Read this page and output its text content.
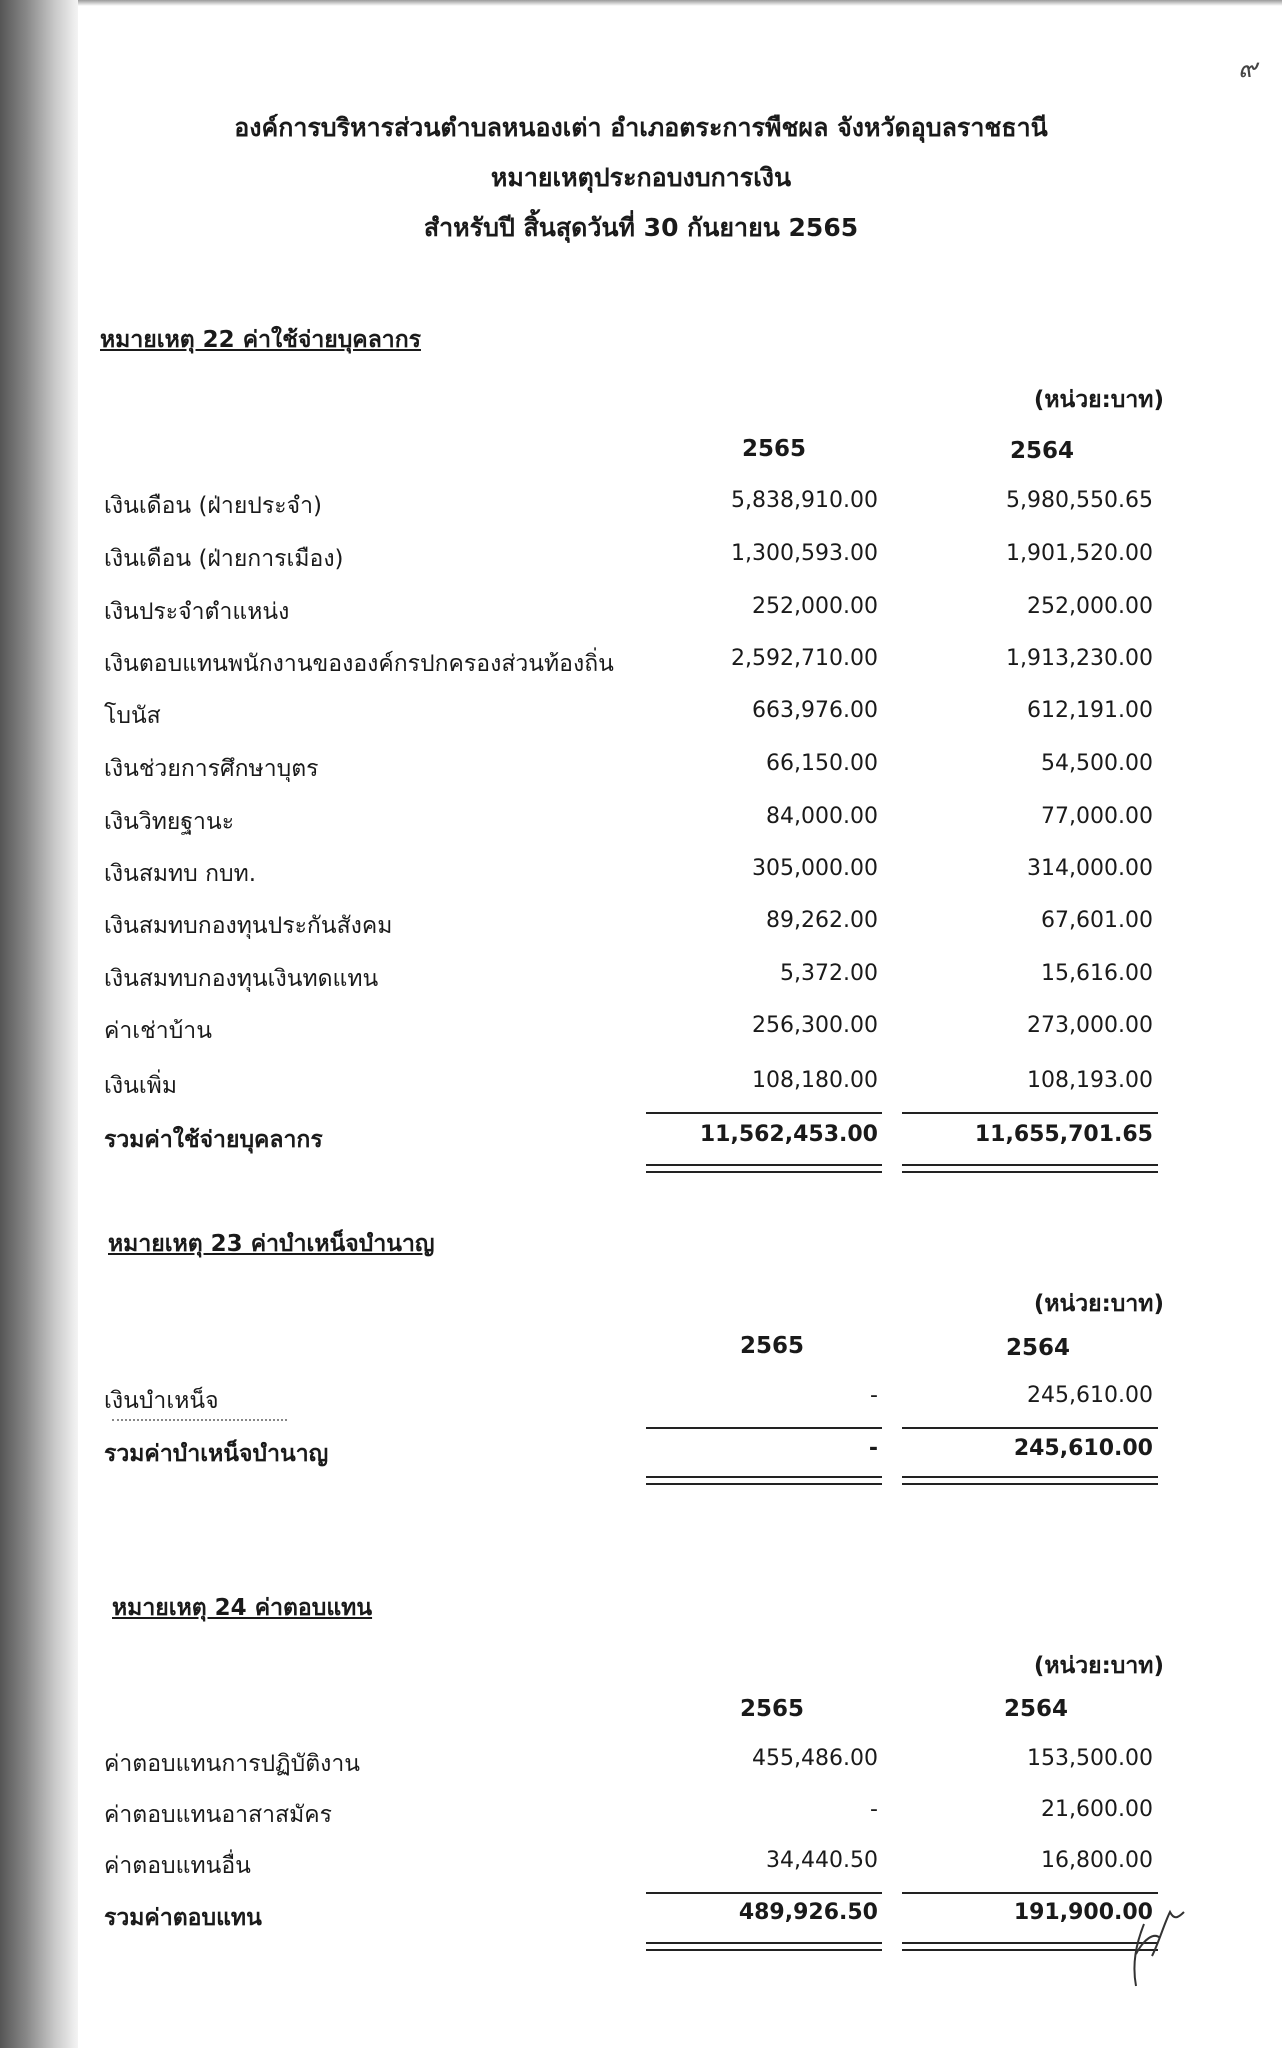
๙
องค์การบริหารส่วนตำบลหนองเต่า อำเภอตระการพืชผล จังหวัดอุบลราชธานี
หมายเหตุประกอบงบการเงิน
สำหรับปี สิ้นสุดวันที่ 30 กันยายน 2565
หมายเหตุ 22 ค่าใช้จ่ายบุคลากร
(หน่วย:บาท)
2565	2564
เงินเดือน (ฝ่ายประจำ)	5,838,910.00	5,980,550.65
เงินเดือน (ฝ่ายการเมือง)	1,300,593.00	1,901,520.00
เงินประจำตำแหน่ง	252,000.00	252,000.00
เงินตอบแทนพนักงานขององค์กรปกครองส่วนท้องถิ่น	2,592,710.00	1,913,230.00
โบนัส	663,976.00	612,191.00
เงินช่วยการศึกษาบุตร	66,150.00	54,500.00
เงินวิทยฐานะ	84,000.00	77,000.00
เงินสมทบ กบท.	305,000.00	314,000.00
เงินสมทบกองทุนประกันสังคม	89,262.00	67,601.00
เงินสมทบกองทุนเงินทดแทน	5,372.00	15,616.00
ค่าเช่าบ้าน	256,300.00	273,000.00
เงินเพิ่ม	108,180.00	108,193.00
รวมค่าใช้จ่ายบุคลากร	11,562,453.00	11,655,701.65
หมายเหตุ 23 ค่าบำเหน็จบำนาญ
(หน่วย:บาท)
2565	2564
เงินบำเหน็จ	-	245,610.00
รวมค่าบำเหน็จบำนาญ	-	245,610.00
หมายเหตุ 24 ค่าตอบแทน
(หน่วย:บาท)
2565	2564
ค่าตอบแทนการปฏิบัติงาน	455,486.00	153,500.00
ค่าตอบแทนอาสาสมัคร	-	21,600.00
ค่าตอบแทนอื่น	34,440.50	16,800.00
รวมค่าตอบแทน	489,926.50	191,900.00
